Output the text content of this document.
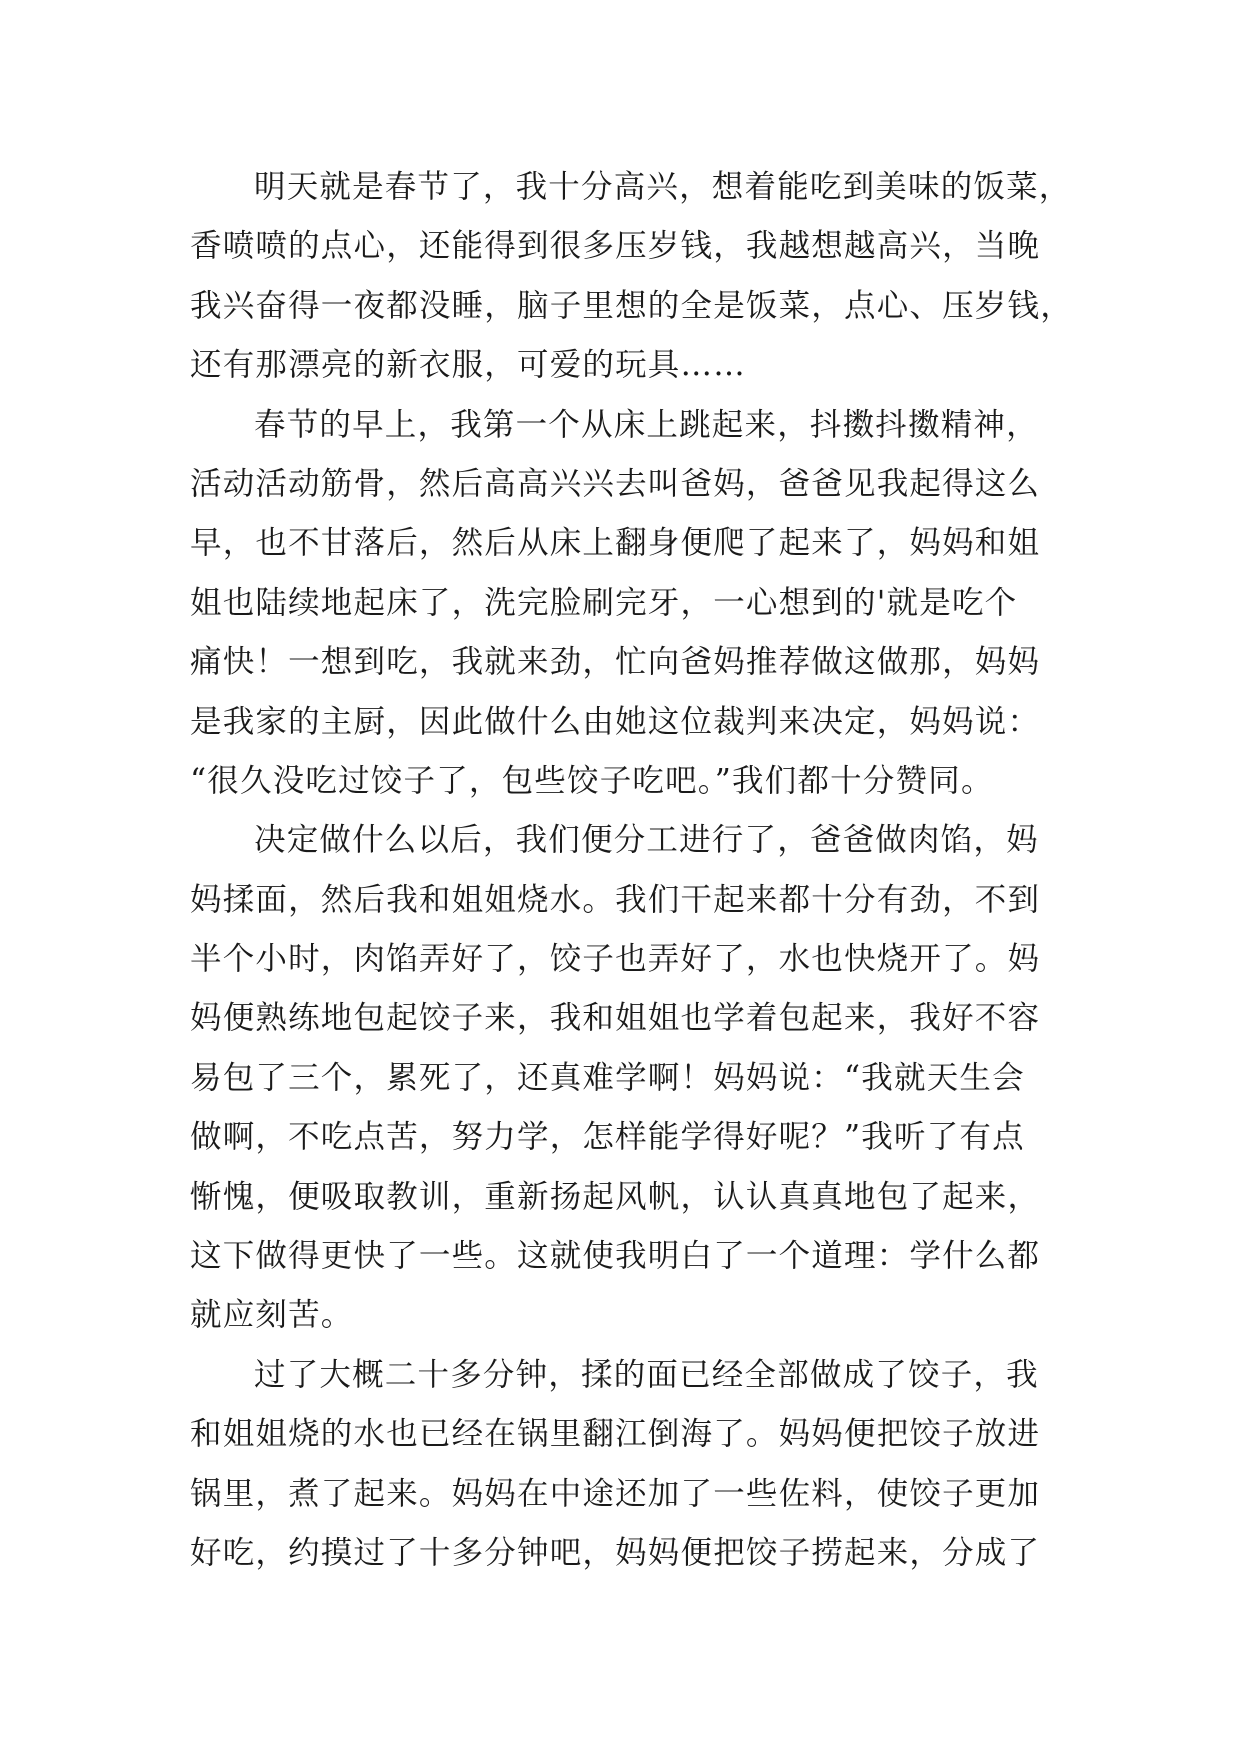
明天就是春节了，我十分高兴，想着能吃到美味的饭菜，
香喷喷的点心，还能得到很多压岁钱，我越想越高兴，当晚
我兴奋得一夜都没睡，脑子里想的全是饭菜，点心、压岁钱，
还有那漂亮的新衣服，可爱的玩具……
春节的早上，我第一个从床上跳起来，抖擞抖擞精神，
活动活动筋骨，然后高高兴兴去叫爸妈，爸爸见我起得这么
早，也不甘落后，然后从床上翻身便爬了起来了，妈妈和姐
姐也陆续地起床了，洗完脸刷完牙，一心想到的'就是吃个
痛快！一想到吃，我就来劲，忙向爸妈推荐做这做那，妈妈
是我家的主厨，因此做什么由她这位裁判来决定，妈妈说：
“很久没吃过饺子了，包些饺子吃吧。”我们都十分赞同。
决定做什么以后，我们便分工进行了，爸爸做肉馅，妈
妈揉面，然后我和姐姐烧水。我们干起来都十分有劲，不到
半个小时，肉馅弄好了，饺子也弄好了，水也快烧开了。妈
妈便熟练地包起饺子来，我和姐姐也学着包起来，我好不容
易包了三个，累死了，还真难学啊！妈妈说：“我就天生会
做啊，不吃点苦，努力学，怎样能学得好呢？”我听了有点
惭愧，便吸取教训，重新扬起风帆，认认真真地包了起来，
这下做得更快了一些。这就使我明白了一个道理：学什么都
就应刻苦。
过了大概二十多分钟，揉的面已经全部做成了饺子，我
和姐姐烧的水也已经在锅里翻江倒海了。妈妈便把饺子放进
锅里，煮了起来。妈妈在中途还加了一些佐料，使饺子更加
好吃，约摸过了十多分钟吧，妈妈便把饺子捞起来，分成了
